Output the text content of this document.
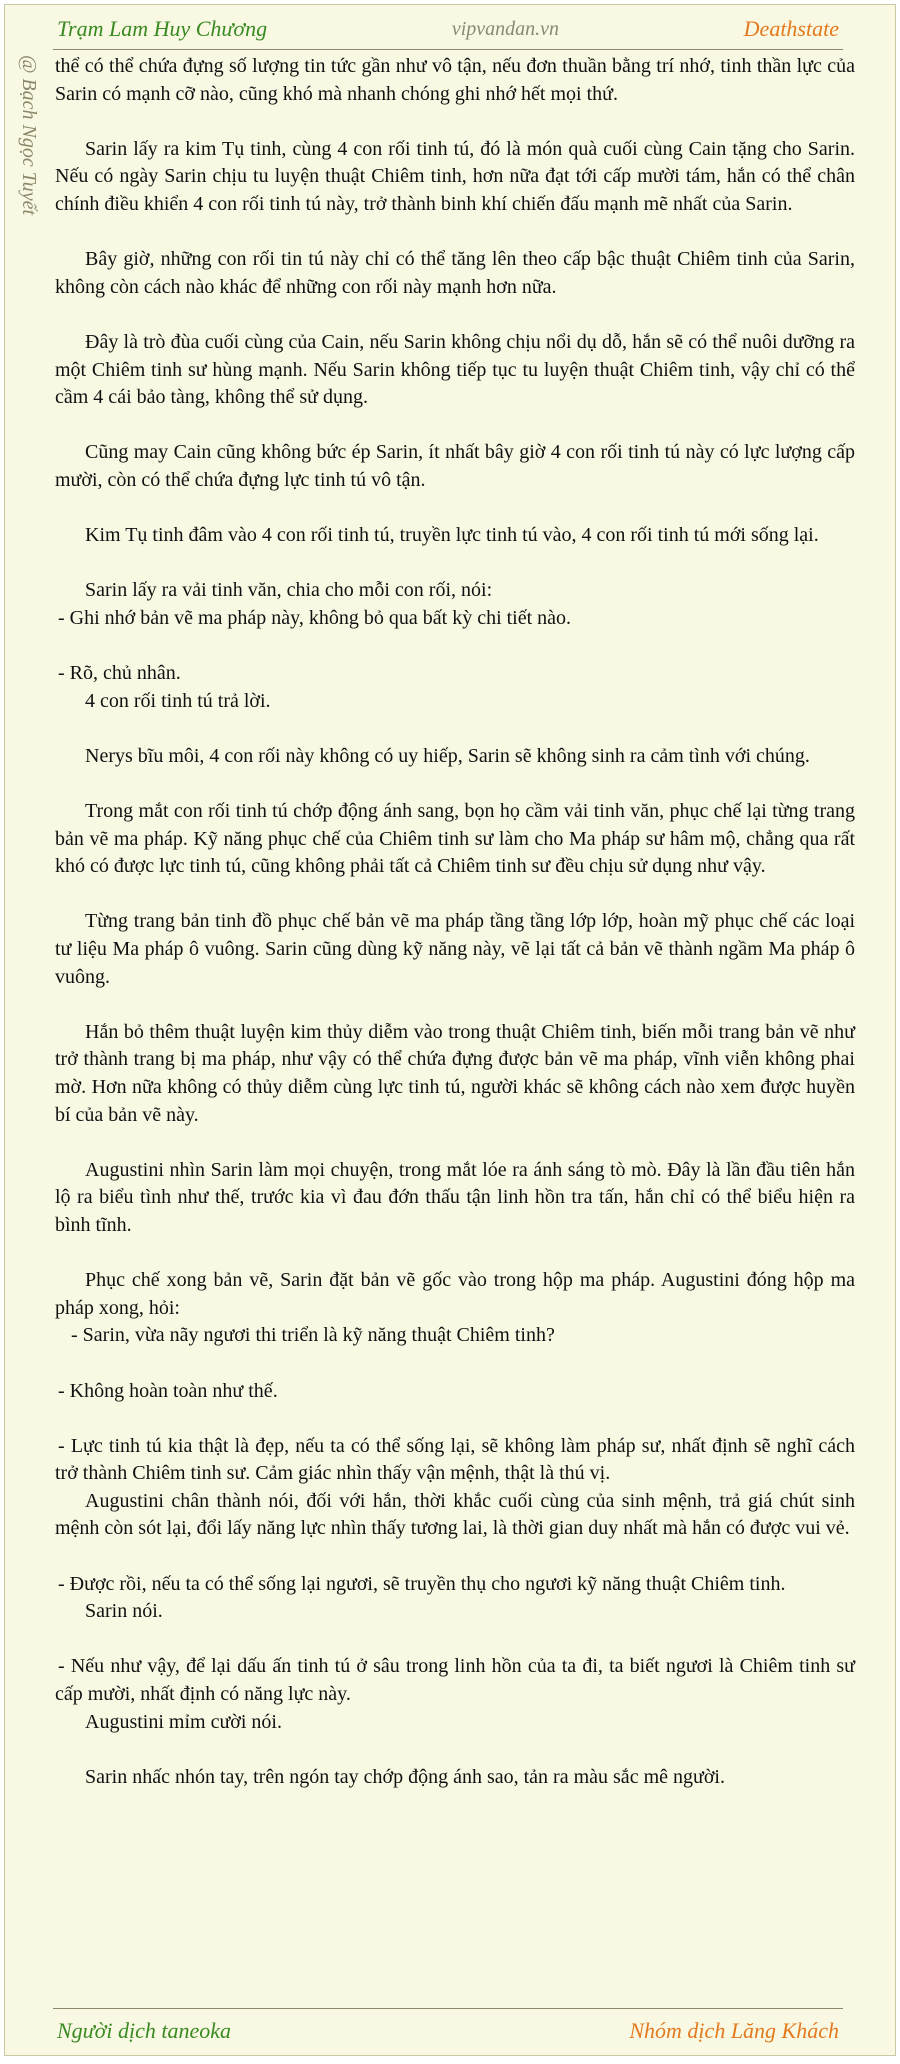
Trạm Lam Huy Chương	vipvandan.vn	Deathstate
@ Bạch Ngọc Tuyết thể có thể chứa đựng số lượng tin tức gần như vô tận, nếu đơn thuần bằng trí nhớ, tinh thần lực của Sarin có mạnh cỡ nào, cũng khó mà nhanh chóng ghi nhớ hết mọi thứ.

Sarin lấy ra kim Tụ tinh, cùng 4 con rối tinh tú, đó là món quà cuối cùng Cain tặng cho Sarin. Nếu có ngày Sarin chịu tu luyện thuật Chiêm tinh, hơn nữa đạt tới cấp mười tám, hắn có thể chân chính điều khiển 4 con rối tinh tú này, trở thành binh khí chiến đấu mạnh mẽ nhất của Sarin.

Bây giờ, những con rối tin tú này chỉ có thể tăng lên theo cấp bậc thuật Chiêm tinh của Sarin, không còn cách nào khác để những con rối này mạnh hơn nữa.

Đây là trò đùa cuối cùng của Cain, nếu Sarin không chịu nổi dụ dỗ, hắn sẽ có thể nuôi dưỡng ra một Chiêm tinh sư hùng mạnh. Nếu Sarin không tiếp tục tu luyện thuật Chiêm tinh, vậy chỉ có thể cầm 4 cái bảo tàng, không thể sử dụng.

Cũng may Cain cũng không bức ép Sarin, ít nhất bây giờ 4 con rối tinh tú này có lực lượng cấp mười, còn có thể chứa đựng lực tinh tú vô tận.

Kim Tụ tinh đâm vào 4 con rối tinh tú, truyền lực tinh tú vào, 4 con rối tinh tú mới sống lại.

Sarin lấy ra vải tinh văn, chia cho mỗi con rối, nói:

- Ghi nhớ bản vẽ ma pháp này, không bỏ qua bất kỳ chi tiết nào.

- Rõ, chủ nhân.

4 con rối tinh tú trả lời.

Nerys bĩu môi, 4 con rối này không có uy hiếp, Sarin sẽ không sinh ra cảm tình với chúng.

Trong mắt con rối tinh tú chớp động ánh sang, bọn họ cầm vải tinh văn, phục chế lại từng trang bản vẽ ma pháp. Kỹ năng phục chế của Chiêm tinh sư làm cho Ma pháp sư hâm mộ, chẳng qua rất khó có được lực tinh tú, cũng không phải tất cả Chiêm tinh sư đều chịu sử dụng như vậy.

Từng trang bản tinh đồ phục chế bản vẽ ma pháp tầng tầng lớp lớp, hoàn mỹ phục chế các loại tư liệu Ma pháp ô vuông. Sarin cũng dùng kỹ năng này, vẽ lại tất cả bản vẽ thành ngầm Ma pháp ô vuông.

Hắn bỏ thêm thuật luyện kim thủy diễm vào trong thuật Chiêm tinh, biến mỗi trang bản vẽ như trở thành trang bị ma pháp, như vậy có thể chứa đựng được bản vẽ ma pháp, vĩnh viễn không phai mờ. Hơn nữa không có thủy diễm cùng lực tinh tú, người khác sẽ không cách nào xem được huyền bí của bản vẽ này.

Augustini nhìn Sarin làm mọi chuyện, trong mắt lóe ra ánh sáng tò mò. Đây là lần đầu tiên hắn lộ ra biểu tình như thế, trước kia vì đau đớn thấu tận linh hồn tra tấn, hắn chỉ có thể biểu hiện ra bình tĩnh.

Phục chế xong bản vẽ, Sarin đặt bản vẽ gốc vào trong hộp ma pháp. Augustini đóng hộp ma pháp xong, hỏi:

- Sarin, vừa nãy ngươi thi triển là kỹ năng thuật Chiêm tinh?

- Không hoàn toàn như thế.

- Lực tinh tú kia thật là đẹp, nếu ta có thể sống lại, sẽ không làm pháp sư, nhất định sẽ nghĩ cách trở thành Chiêm tinh sư. Cảm giác nhìn thấy vận mệnh, thật là thú vị.

Augustini chân thành nói, đối với hắn, thời khắc cuối cùng của sinh mệnh, trả giá chút sinh mệnh còn sót lại, đổi lấy năng lực nhìn thấy tương lai, là thời gian duy nhất mà hắn có được vui vẻ.

- Được rồi, nếu ta có thể sống lại ngươi, sẽ truyền thụ cho ngươi kỹ năng thuật Chiêm tinh.

Sarin nói.

- Nếu như vậy, để lại dấu ấn tinh tú ở sâu trong linh hồn của ta đi, ta biết ngươi là Chiêm tinh sư cấp mười, nhất định có năng lực này.

Augustini mỉm cười nói.

Sarin nhấc nhón tay, trên ngón tay chớp động ánh sao, tản ra màu sắc mê người.

Người dịch taneoka	Nhóm dịch Lăng Khách
